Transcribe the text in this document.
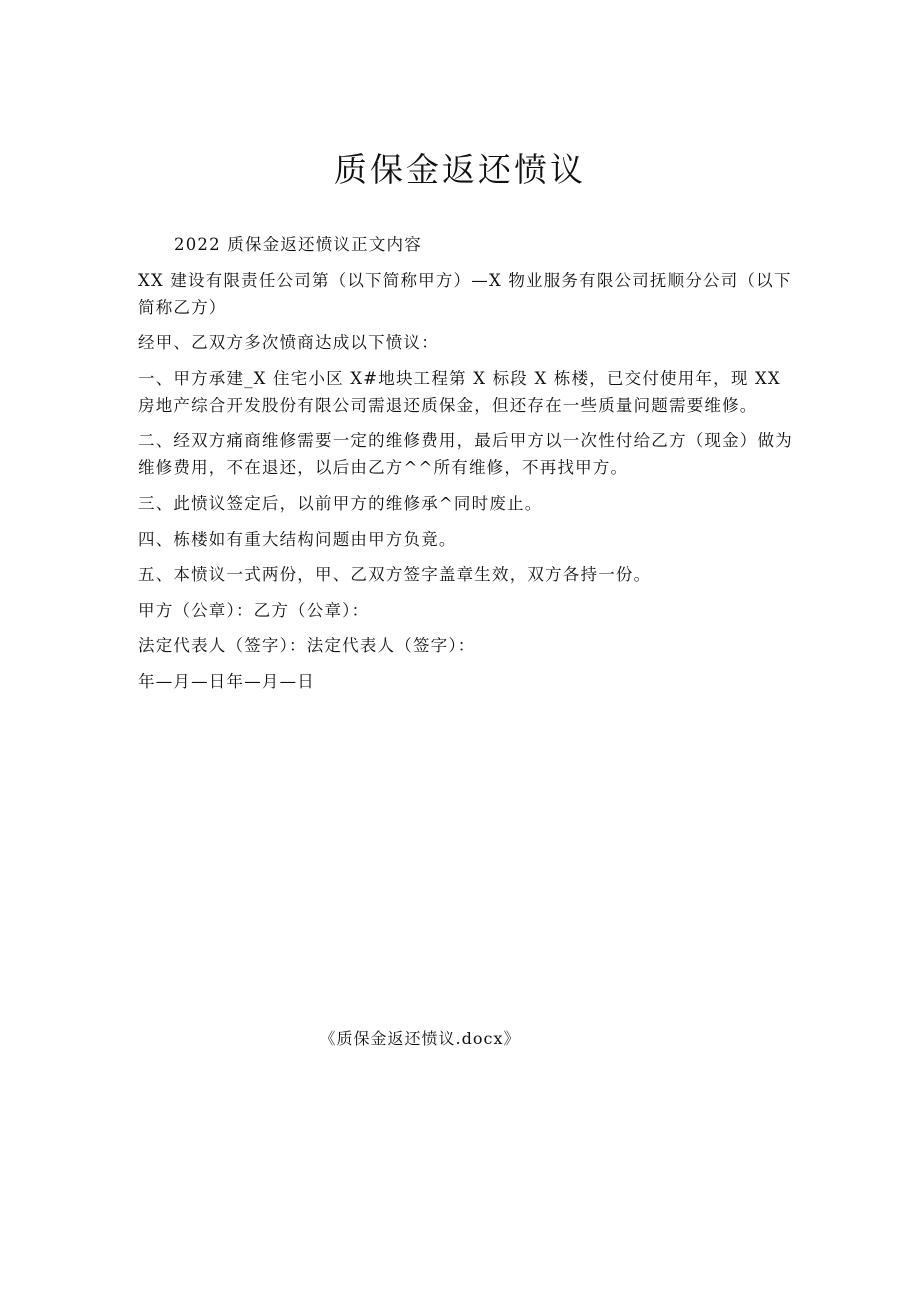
质保金返还愤议

2022 质保金返还愤议正文内容

XX 建设有限责任公司第（以下简称甲方）—X 物业服务有限公司抚顺分公司（以下简称乙方）

经甲、乙双方多次愤商达成以下愤议：

一、甲方承建_X 住宅小区 X#地块工程第 X 标段 X 栋楼，已交付使用年，现 XX 房地产综合开发股份有限公司需退还质保金，但还存在一些质量问题需要维修。

二、经双方痛商维修需要一定的维修费用，最后甲方以一次性付给乙方（现金）做为维修费用，不在退还，以后由乙方^^所有维修，不再找甲方。

三、此愤议签定后，以前甲方的维修承^同时废止。

四、栋楼如有重大结构问题由甲方负竟。

五、本愤议一式两份，甲、乙双方签字盖章生效，双方各持一份。

甲方（公章）：乙方（公章）：

法定代表人（签字）：法定代表人（签字）：

年—月—日年—月—日

《质保金返还愤议.docx》
